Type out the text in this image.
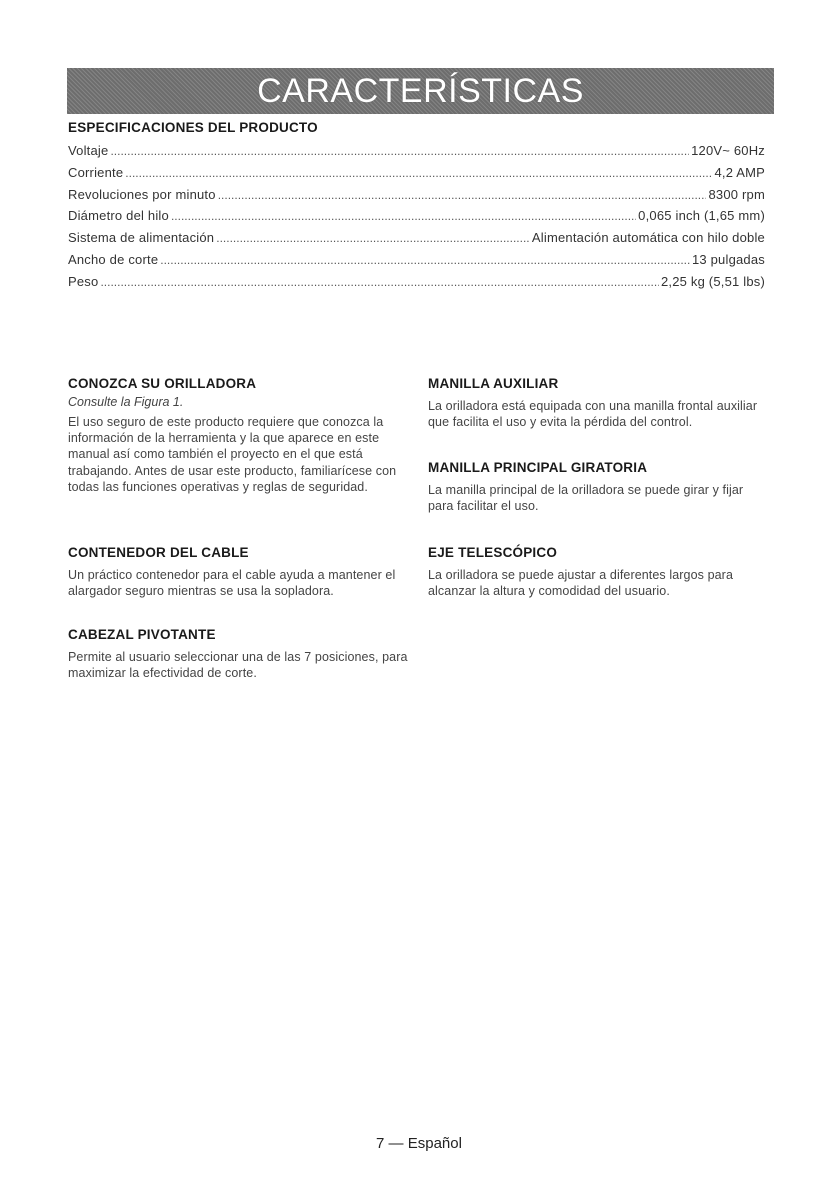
CARACTERÍSTICAS
ESPECIFICACIONES DEL PRODUCTO
Voltaje .....	120V~ 60Hz
Corriente .....	4,2 AMP
Revoluciones por minuto .....	8300 rpm
Diámetro del hilo .....	0,065 inch (1,65 mm)
Sistema de alimentación .....	Alimentación automática con hilo doble
Ancho de corte .....	13 pulgadas
Peso .....	2,25 kg (5,51 lbs)
CONOZCA SU ORILLADORA
Consulte la Figura 1.

El uso seguro de este producto requiere que conozca la información de la herramienta y la que aparece en este manual así como también el proyecto en el que está trabajando. Antes de usar este producto, familiarícese con todas las funciones operativas y reglas de seguridad.

CONTENEDOR DEL CABLE

Un práctico contenedor para el cable ayuda a mantener el alargador seguro mientras se usa la sopladora.

CABEZAL PIVOTANTE

Permite al usuario seleccionar una de las 7 posiciones, para maximizar la efectividad de corte.

MANILLA AUXILIAR

La orilladora está equipada con una manilla frontal auxiliar que facilita el uso y evita la pérdida del control.

MANILLA PRINCIPAL GIRATORIA

La manilla principal de la orilladora se puede girar y fijar para facilitar el uso.

EJE TELESCÓPICO

La orilladora se puede ajustar a diferentes largos para alcanzar la altura y comodidad del usuario.

7 — Español
